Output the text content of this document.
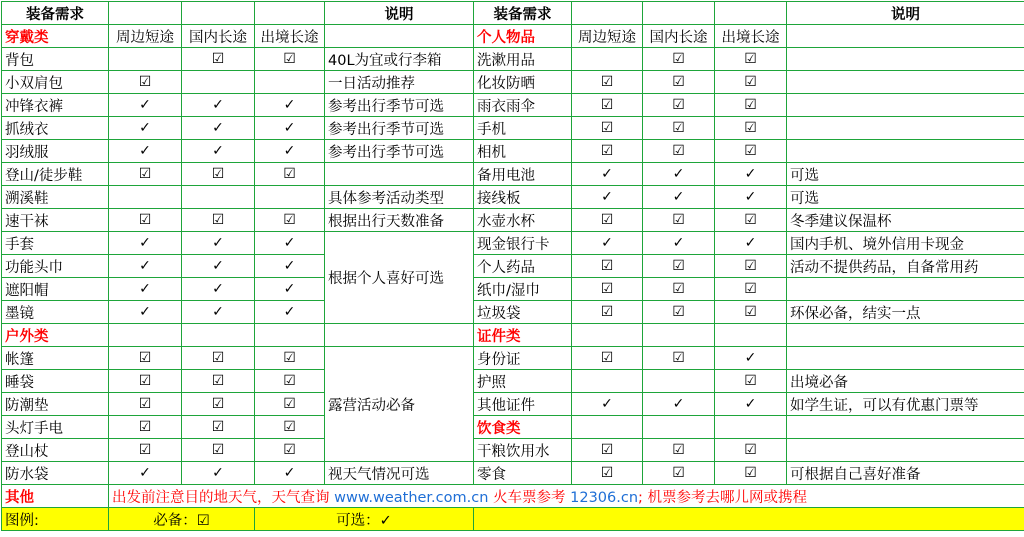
装备需求				说明	装备需求				说明
穿戴类	周边短途	国内长途	出境长途		个人物品	周边短途	国内长途	出境长途	
背包		☑	☑	40L为宜或行李箱	洗漱用品		☑	☑	
小双肩包	☑			一日活动推荐	化妆防晒	☑	☑	☑	
冲锋衣裤	✓	✓	✓	参考出行季节可选	雨衣雨伞	☑	☑	☑	
抓绒衣	✓	✓	✓	参考出行季节可选	手机	☑	☑	☑	
羽绒服	✓	✓	✓	参考出行季节可选	相机	☑	☑	☑	
登山/徒步鞋	☑	☑	☑		备用电池	✓	✓	✓	可选
溯溪鞋				具体参考活动类型	接线板	✓	✓	✓	可选
速干袜	☑	☑	☑	根据出行天数准备	水壶水杯	☑	☑	☑	冬季建议保温杯
手套	✓	✓	✓	根据个人喜好可选	现金银行卡	✓	✓	✓	国内手机、境外信用卡现金
功能头巾	✓	✓	✓		个人药品	☑	☑	☑	活动不提供药品，自备常用药
遮阳帽	✓	✓	✓		纸巾/湿巾	☑	☑	☑	
墨镜	✓	✓	✓		垃圾袋	☑	☑	☑	环保必备，结实一点
户外类					证件类				
帐篷	☑	☑	☑	露营活动必备	身份证	☑	☑	✓	
睡袋	☑	☑	☑		护照			☑	出境必备
防潮垫	☑	☑	☑		其他证件	✓	✓	✓	如学生证，可以有优惠门票等
头灯手电	☑	☑	☑		饮食类				
登山杖	☑	☑	☑		干粮饮用水	☑	☑	☑	
防水袋	✓	✓	✓	视天气情况可选	零食	☑	☑	☑	可根据自己喜好准备
其他	出发前注意目的地天气，天气查询 www.weather.com.cn 火车票参考 12306.cn; 机票参考去哪儿网或携程								
图例:	必备：☑		可选：✓						
